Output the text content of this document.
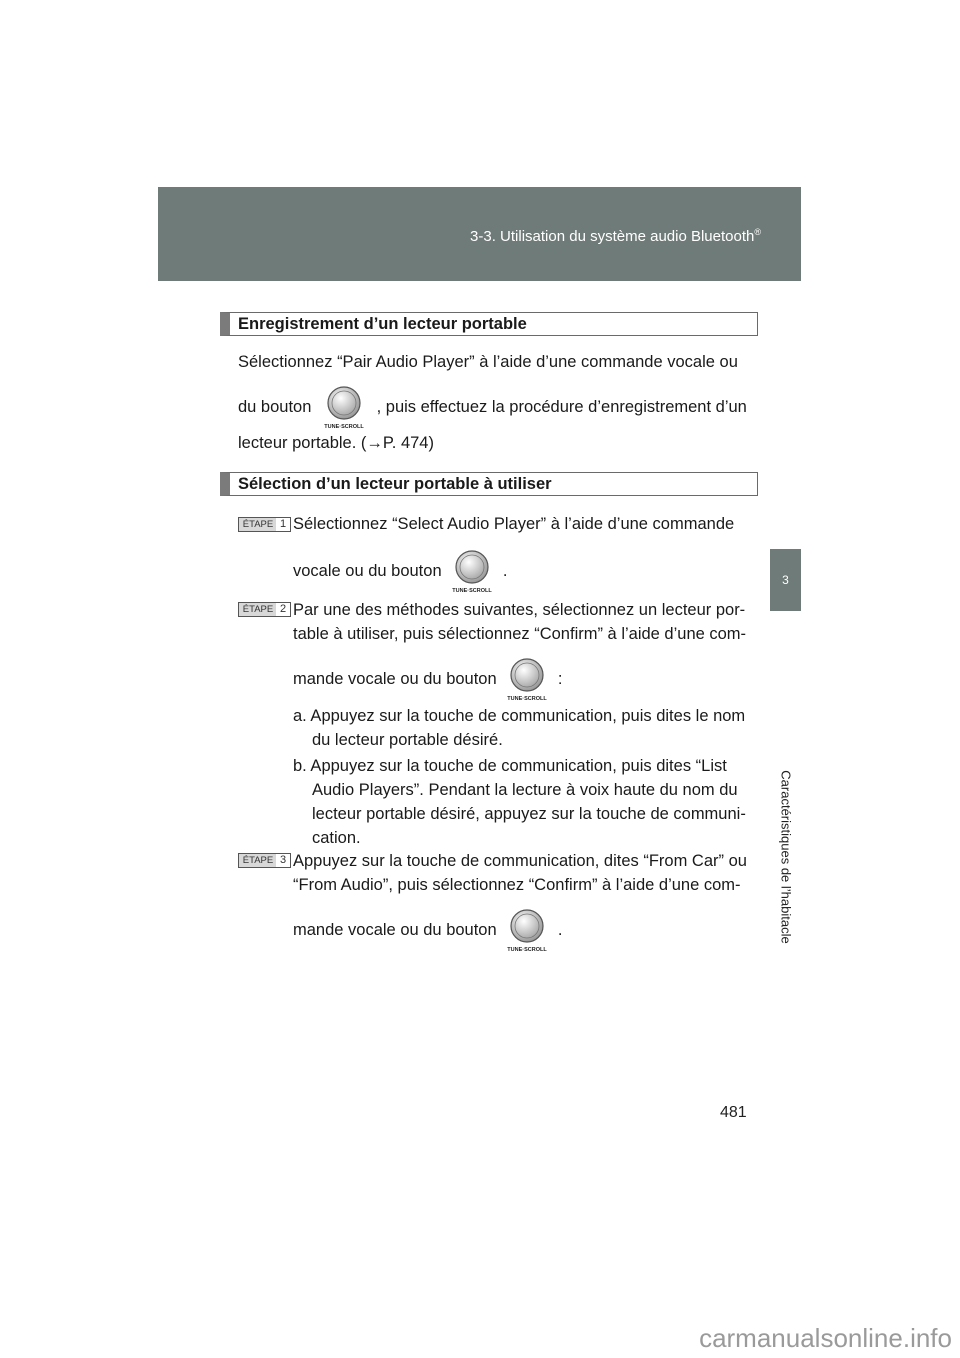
3-3. Utilisation du système audio Bluetooth®
3
Caractéristiques de l’habitacle
Enregistrement d’un lecteur portable
Sélectionnez “Pair Audio Player” à l’aide d’une commande vocale ou
du bouton
TUNE·SCROLL
, puis effectuez la procédure d’enregistrement d’un
lecteur portable. (→P. 474)
Sélection d’un lecteur portable à utiliser
ÉTAPE 1 Sélectionnez “Select Audio Player” à l’aide d’une commande
vocale ou du bouton
TUNE·SCROLL
.
ÉTAPE 2 Par une des méthodes suivantes, sélectionnez un lecteur por-
table à utiliser, puis sélectionnez “Confirm” à l’aide d’une com-
mande vocale ou du bouton
TUNE·SCROLL
:
a. Appuyez sur la touche de communication, puis dites le nom
du lecteur portable désiré.
b. Appuyez sur la touche de communication, puis dites “List
Audio Players”. Pendant la lecture à voix haute du nom du
lecteur portable désiré, appuyez sur la touche de communi-
cation.
ÉTAPE 3 Appuyez sur la touche de communication, dites “From Car” ou
“From Audio”, puis sélectionnez “Confirm” à l’aide d’une com-
mande vocale ou du bouton
TUNE·SCROLL
.
481
carmanualsonline.info
